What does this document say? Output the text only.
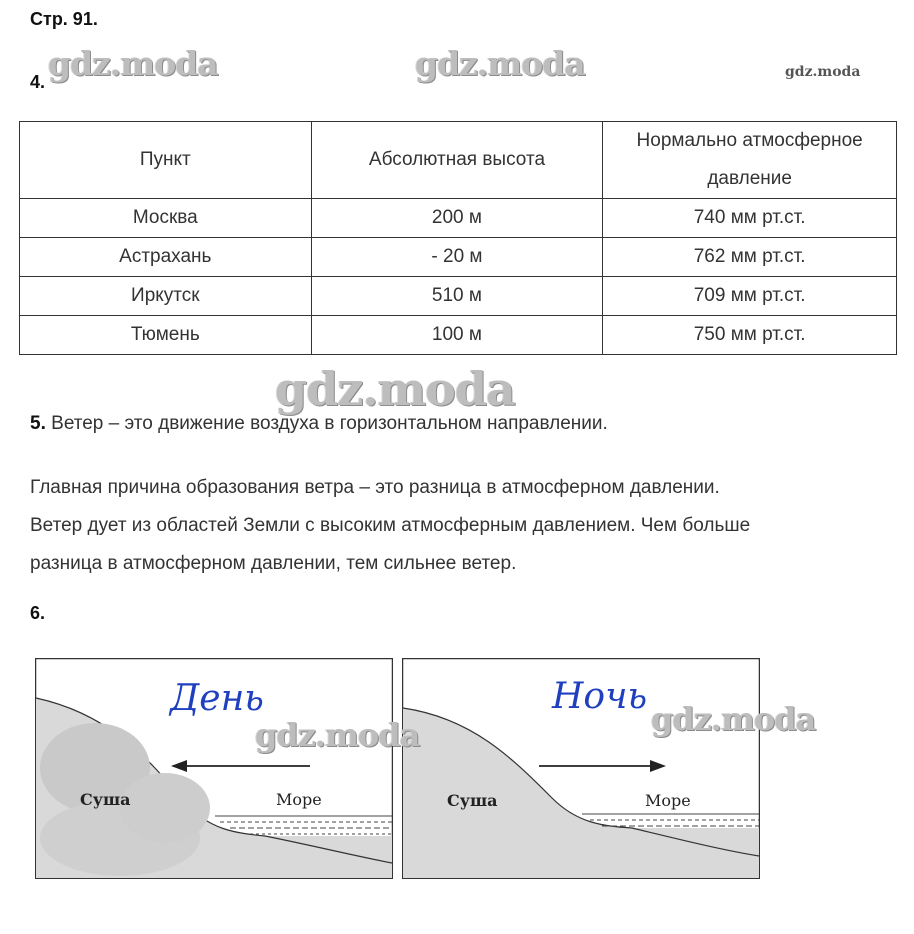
Стр. 91.
4. gdz.moda	gdz.moda	gdz.moda
Пункт	Абсолютная высота	Нормально атмосферное давление
Москва	200 м	740 мм рт.ст.
Астрахань	- 20 м	762 мм рт.ст.
Иркутск	510 м	709 мм рт.ст.
Тюмень	100 м	750 мм рт.ст.
gdz.moda
5. Ветер – это движение воздуха в горизонтальном направлении.
Главная причина образования ветра – это разница в атмосферном давлении.
Ветер дует из областей Земли с высоким атмосферным давлением. Чем больше
разница в атмосферном давлении, тем сильнее ветер.
6.
Суша	Море	Суша	Море
День	Ночь
gdz.moda	gdz.moda
